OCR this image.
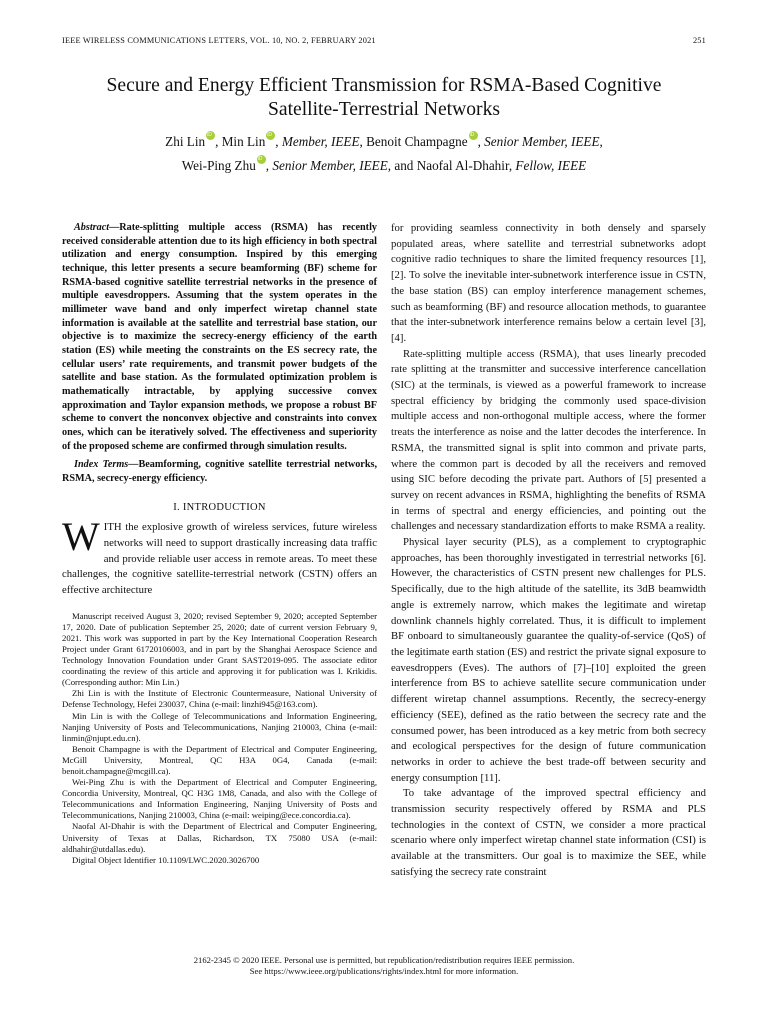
IEEE WIRELESS COMMUNICATIONS LETTERS, VOL. 10, NO. 2, FEBRUARY 2021	251
Secure and Energy Efficient Transmission for RSMA-Based Cognitive Satellite-Terrestrial Networks
Zhi Lin iD , Min Lin iD , Member, IEEE, Benoit Champagne iD , Senior Member, IEEE,
Wei-Ping Zhu iD , Senior Member, IEEE, and Naofal Al-Dhahir, Fellow, IEEE

Abstract—Rate-splitting multiple access (RSMA) has recently received considerable attention due to its high efficiency in both spectral utilization and energy consumption. Inspired by this emerging technique, this letter presents a secure beamforming (BF) scheme for RSMA-based cognitive satellite terrestrial networks in the presence of multiple eavesdroppers. Assuming that the system operates in the millimeter wave band and only imperfect wiretap channel state information is available at the satellite and terrestrial base station, our objective is to maximize the secrecy-energy efficiency of the earth station (ES) while meeting the constraints on the ES secrecy rate, the cellular users’ rate requirements, and transmit power budgets of the satellite and base station. As the formulated optimization problem is mathematically intractable, by applying successive convex approximation and Taylor expansion methods, we propose a robust BF scheme to convert the nonconvex objective and constraints into convex ones, which can be iteratively solved. The effectiveness and superiority of the proposed scheme are confirmed through simulation results.

Index Terms—Beamforming, cognitive satellite terrestrial networks, RSMA, secrecy-energy efficiency.

I. INTRODUCTION

WITH the explosive growth of wireless services, future wireless networks will need to support drastically increasing data traffic and provide reliable user access in remote areas. To meet these challenges, the cognitive satellite-terrestrial network (CSTN) offers an effective architecture

Manuscript received August 3, 2020; revised September 9, 2020; accepted September 17, 2020. Date of publication September 25, 2020; date of current version February 9, 2021. This work was supported in part by the Key International Cooperation Research Project under Grant 61720106003, and in part by the Shanghai Aerospace Science and Technology Innovation Foundation under Grant SAST2019-095. The associate editor coordinating the review of this article and approving it for publication was I. Krikidis. (Corresponding author: Min Lin.)

Zhi Lin is with the Institute of Electronic Countermeasure, National University of Defense Technology, Hefei 230037, China (e-mail: linzhi945@163.com).

Min Lin is with the College of Telecommunications and Information Engineering, Nanjing University of Posts and Telecommunications, Nanjing 210003, China (e-mail: linmin@njupt.edu.cn).

Benoit Champagne is with the Department of Electrical and Computer Engineering, McGill University, Montreal, QC H3A 0G4, Canada (e-mail: benoit.champagne@mcgill.ca).

Wei-Ping Zhu is with the Department of Electrical and Computer Engineering, Concordia University, Montreal, QC H3G 1M8, Canada, and also with the College of Telecommunications and Information Engineering, Nanjing University of Posts and Telecommunications, Nanjing 210003, China (e-mail: weiping@ece.concordia.ca).

Naofal Al-Dhahir is with the Department of Electrical and Computer Engineering, University of Texas at Dallas, Richardson, TX 75080 USA (e-mail: aldhahir@utdallas.edu).

Digital Object Identifier 10.1109/LWC.2020.3026700

for providing seamless connectivity in both densely and sparsely populated areas, where satellite and terrestrial subnetworks adopt cognitive radio techniques to share the limited frequency resources [1], [2]. To solve the inevitable inter-subnetwork interference issue in CSTN, the base station (BS) can employ interference management schemes, such as beamforming (BF) and resource allocation methods, to guarantee that the inter-subnetwork interference remains below a certain level [3], [4].

Rate-splitting multiple access (RSMA), that uses linearly precoded rate splitting at the transmitter and successive interference cancellation (SIC) at the terminals, is viewed as a powerful framework to increase spectral efficiency by bridging the commonly used space-division multiple access and non-orthogonal multiple access, where the former treats the interference as noise and the latter decodes the interference. In RSMA, the transmitted signal is split into common and private parts, where the common part is decoded by all the receivers and removed using SIC before decoding the private part. Authors of [5] presented a survey on recent advances in RSMA, highlighting the benefits of RSMA in terms of spectral and energy efficiencies, and pointing out the challenges and necessary standardization efforts to make RSMA a reality.

Physical layer security (PLS), as a complement to cryptographic approaches, has been thoroughly investigated in terrestrial networks [6]. However, the characteristics of CSTN present new challenges for PLS. Specifically, due to the high altitude of the satellite, its 3dB beamwidth angle is extremely narrow, which makes the legitimate and wiretap downlink channels highly correlated. Thus, it is difficult to implement BF onboard to simultaneously guarantee the quality-of-service (QoS) of the legitimate earth station (ES) and restrict the private signal exposure to eavesdroppers (Eves). The authors of [7]–[10] exploited the green interference from BS to achieve satellite secure communication under different wiretap channel assumptions. Recently, the secrecy-energy efficiency (SEE), defined as the ratio between the secrecy rate and the consumed power, has been introduced as a key metric from both secrecy and ecological perspectives for the design of future communication networks in order to achieve the best trade-off between security and energy consumption [11].

To take advantage of the improved spectral efficiency and transmission security respectively offered by RSMA and PLS technologies in the context of CSTN, we consider a more practical scenario where only imperfect wiretap channel state information (CSI) is available at the transmitters. Our goal is to maximize the SEE, while satisfying the secrecy rate constraint

2162-2345 © 2020 IEEE. Personal use is permitted, but republication/redistribution requires IEEE permission.
See https://www.ieee.org/publications/rights/index.html for more information.
